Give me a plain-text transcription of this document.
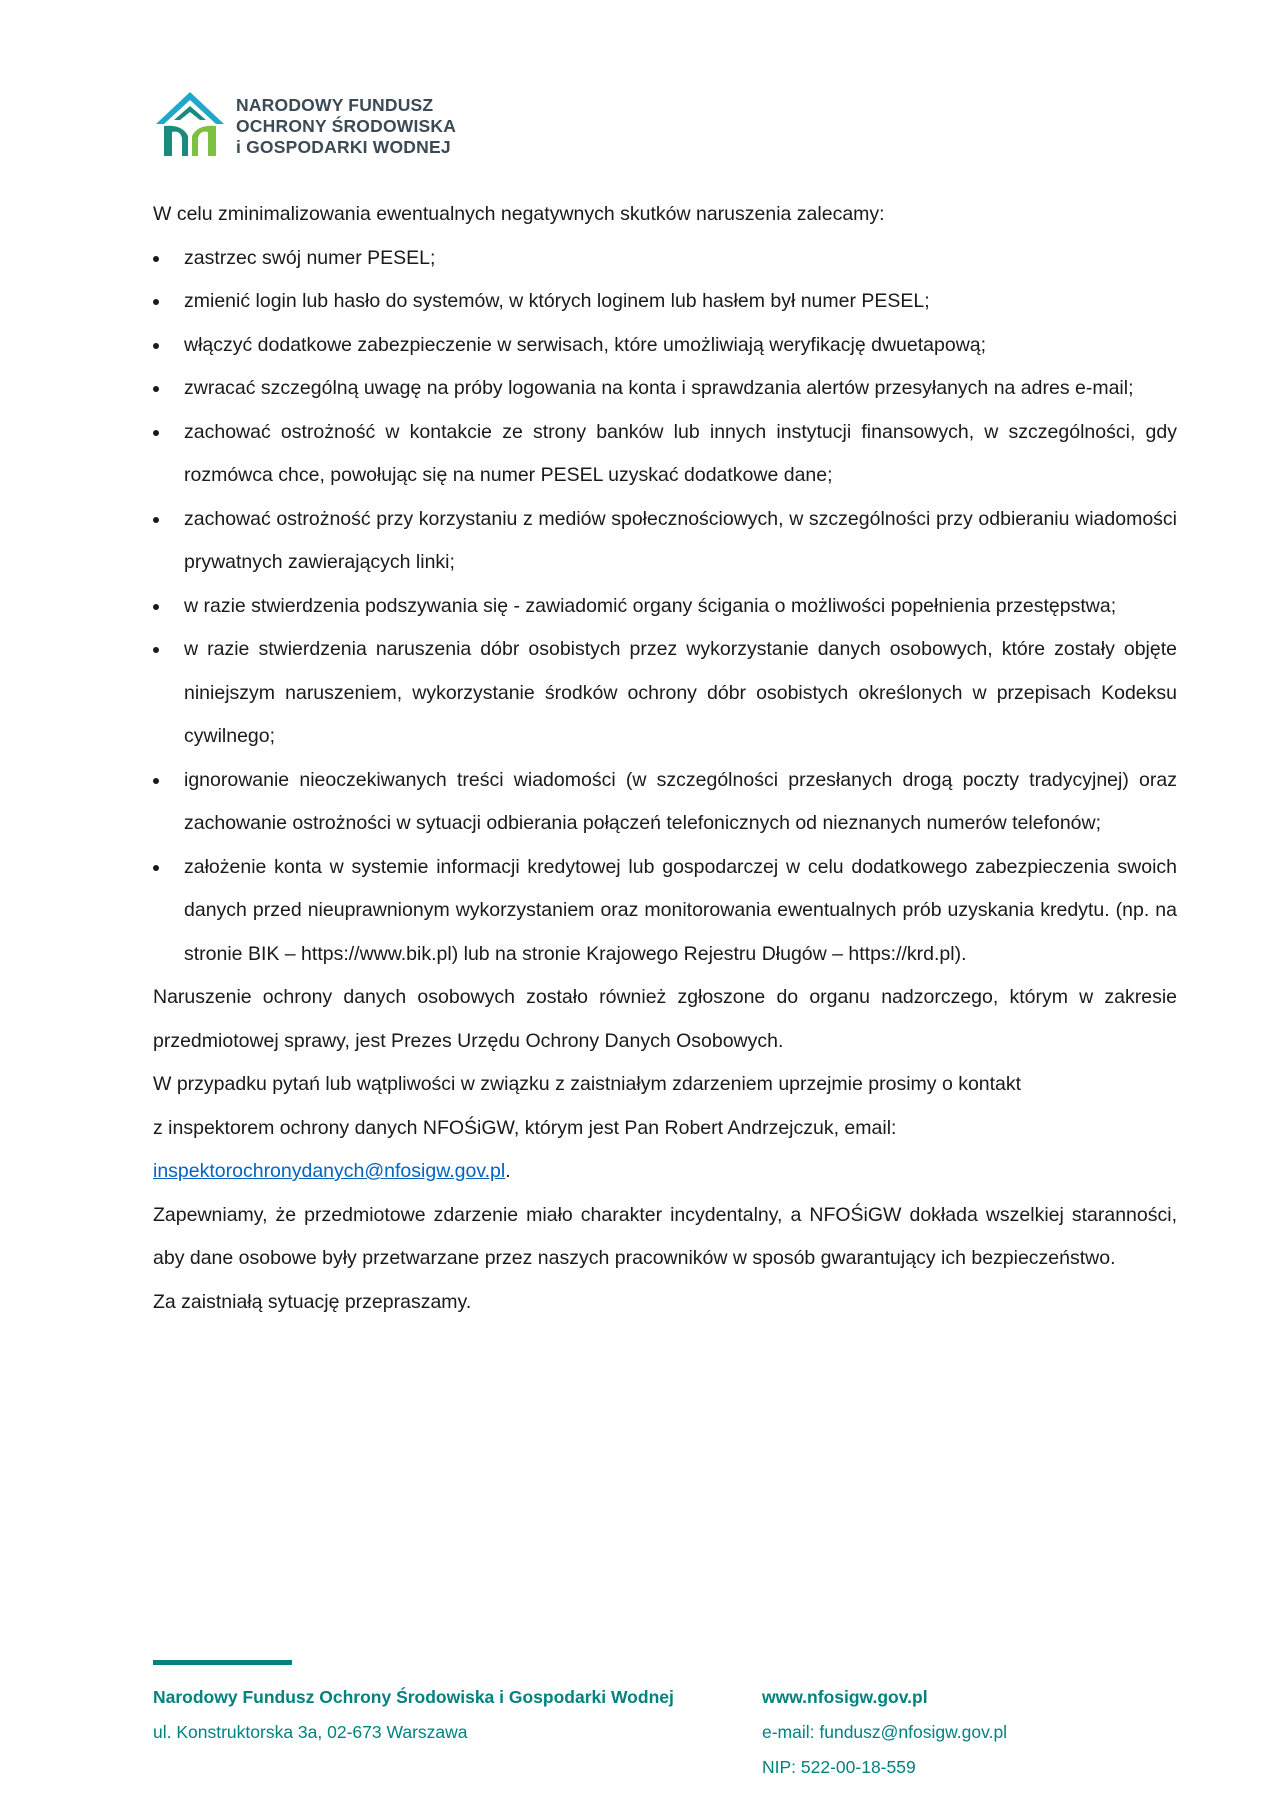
NARODOWY FUNDUSZ
OCHRONY ŚRODOWISKA
i GOSPODARKI WODNEJ

W celu zminimalizowania ewentualnych negatywnych skutków naruszenia zalecamy:

zastrzec swój numer PESEL;
zmienić login lub hasło do systemów, w których loginem lub hasłem był numer PESEL;
włączyć dodatkowe zabezpieczenie w serwisach, które umożliwiają weryfikację dwuetapową;
zwracać szczególną uwagę na próby logowania na konta i sprawdzania alertów przesyłanych na adres e-mail;
zachować ostrożność w kontakcie ze strony banków lub innych instytucji finansowych, w szczególności, gdy rozmówca chce, powołując się na numer PESEL uzyskać dodatkowe dane;
zachować ostrożność przy korzystaniu z mediów społecznościowych, w szczególności przy odbieraniu wiadomości prywatnych zawierających linki;
w razie stwierdzenia podszywania się - zawiadomić organy ścigania o możliwości popełnienia przestępstwa;
w razie stwierdzenia naruszenia dóbr osobistych przez wykorzystanie danych osobowych, które zostały objęte niniejszym naruszeniem, wykorzystanie środków ochrony dóbr osobistych określonych w przepisach Kodeksu cywilnego;
ignorowanie nieoczekiwanych treści wiadomości (w szczególności przesłanych drogą poczty tradycyjnej) oraz zachowanie ostrożności w sytuacji odbierania połączeń telefonicznych od nieznanych numerów telefonów;
założenie konta w systemie informacji kredytowej lub gospodarczej w celu dodatkowego zabezpieczenia swoich danych przed nieuprawnionym wykorzystaniem oraz monitorowania ewentualnych prób uzyskania kredytu. (np. na stronie BIK – https://www.bik.pl) lub na stronie Krajowego Rejestru Długów – https://krd.pl).

Naruszenie ochrony danych osobowych zostało również zgłoszone do organu nadzorczego, którym w zakresie przedmiotowej sprawy, jest Prezes Urzędu Ochrony Danych Osobowych.

W przypadku pytań lub wątpliwości w związku z zaistniałym zdarzeniem uprzejmie prosimy o kontakt

z inspektorem ochrony danych NFOŚiGW, którym jest Pan Robert Andrzejczuk, email:

inspektorochronydanych@nfosigw.gov.pl.

Zapewniamy, że przedmiotowe zdarzenie miało charakter incydentalny, a NFOŚiGW dokłada wszelkiej staranności, aby dane osobowe były przetwarzane przez naszych pracowników w sposób gwarantujący ich bezpieczeństwo.

Za zaistniałą sytuację przepraszamy.

Narodowy Fundusz Ochrony Środowiska i Gospodarki Wodnej
ul. Konstruktorska 3a, 02-673 Warszawa
www.nfosigw.gov.pl
e-mail: fundusz@nfosigw.gov.pl
NIP: 522-00-18-559
